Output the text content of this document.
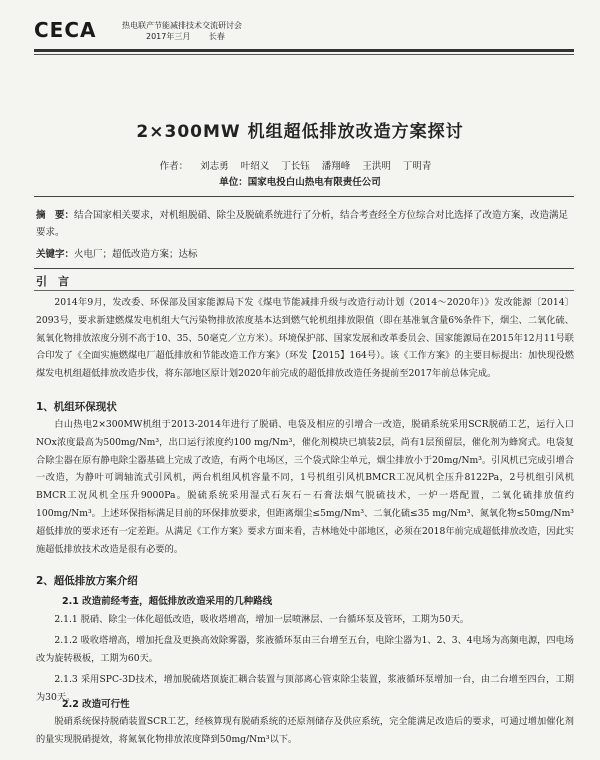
CECA	热电联产节能减排技术交流研讨会
2017年三月 长春
2×300MW 机组超低排放改造方案探讨
作者： 刘志勇 叶绍义 丁长钰 潘翔峰 王洪明 丁明青
单位：国家电投白山热电有限责任公司
摘　要：结合国家相关要求，对机组脱硝、除尘及脱硫系统进行了分析，结合考查经全方位综合对比选择了改造方案，改造满足要求。
关键字：火电厂；超低改造方案；达标
引　言
2014年9月，发改委、环保部及国家能源局下发《煤电节能减排升级与改造行动计划（2014～2020年）》发改能源〔2014〕2093号，要求新建燃煤发电机组大气污染物排放浓度基本达到燃气轮机组排放限值（即在基准氧含量6%条件下，烟尘、二氧化硫、氮氧化物排放浓度分别不高于10、35、50毫克／立方米）。环境保护部、国家发展和改革委员会、国家能源局在2015年12月11号联合印发了《全面实施燃煤电厂超低排放和节能改造工作方案》（环发【2015】164号）。该《工作方案》的主要目标提出：加快现役燃煤发电机组超低排放改造步伐，将东部地区原计划2020年前完成的超低排放改造任务提前至2017年前总体完成。
1、机组环保现状
白山热电2×300MW机组于2013-2014年进行了脱硝、电袋及相应的引增合一改造，脱硝系统采用SCR脱硝工艺，运行入口NOx浓度最高为500mg/Nm³，出口运行浓度约100 mg/Nm³，催化剂模块已填装2层，尚有1层预留层，催化剂为蜂窝式。电袋复合除尘器在原有静电除尘器基础上完成了改造，有两个电场区，三个袋式除尘单元，烟尘排放小于20mg/Nm³。引风机已完成引增合一改造，为静叶可调轴流式引风机，两台机组风机容量不同，1号机组引风机BMCR工况风机全压升8122Pa，2号机组引风机BMCR工况风机全压升9000Pa。脱硫系统采用湿式石灰石－石膏法烟气脱硫技术，一炉一塔配置，二氧化硫排放值约100mg/Nm³。上述环保指标满足目前的环保排放要求，但距离烟尘≤5mg/Nm³、二氧化硫≤35 mg/Nm³、氮氧化物≤50mg/Nm³超低排放的要求还有一定差距。从满足《工作方案》要求方面来看，吉林地处中部地区，必须在2018年前完成超低排放改造，因此实施超低排放技术改造是很有必要的。
2、超低排放方案介绍
2.1 改造前经考查，超低排放改造采用的几种路线
2.1.1 脱硝、除尘一体化超低改造，吸收塔增高，增加一层喷淋层、一台循环泵及管环，工期为50天。
2.1.2 吸收塔增高，增加托盘及更换高效除雾器，浆液循环泵由三台增至五台，电除尘器为1、2、3、4电场为高频电源，四电场改为旋转极板，工期为60天。
2.1.3 采用SPC-3D技术，增加脱硫塔顶旋汇耦合装置与顶部离心管束除尘装置，浆液循环泵增加一台，由二台增至四台，工期为30天。
2.2 改造可行性
脱硝系统保持脱硝装置SCR工艺，经核算现有脱硝系统的还原剂储存及供应系统，完全能满足改造后的要求，可通过增加催化剂的量实现脱硝提效，将氮氧化物排放浓度降到50mg/Nm³以下。
